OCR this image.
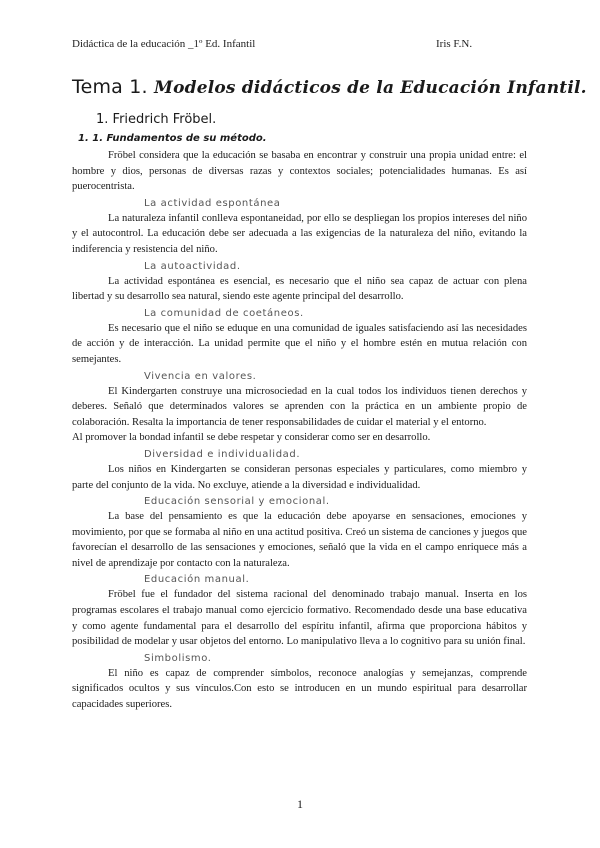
Didáctica de la educación _1º Ed. Infantil	Iris F.N.
Tema 1. Modelos didácticos de la Educación Infantil.
1. Friedrich Fröbel.
1. 1. Fundamentos de su método.

Fröbel considera que la educación se basaba en encontrar y construir una propia unidad entre: el hombre y dios, personas de diversas razas y contextos sociales; potencialidades humanas. Es así puerocentrista.

La actividad espontánea

La naturaleza infantil conlleva espontaneidad, por ello se despliegan los propios intereses del niño y el autocontrol. La educación debe ser adecuada a las exigencias de la naturaleza del niño, evitando la indiferencia y resistencia del niño.

La autoactividad.

La actividad espontánea es esencial, es necesario que el niño sea capaz de actuar con plena libertad y su desarrollo sea natural, siendo este agente principal del desarrollo.

La comunidad de coetáneos.

Es necesario que el niño se eduque en una comunidad de iguales satisfaciendo así las necesidades de acción y de interacción. La unidad permite que el niño y el hombre estén en mutua relación con semejantes.

Vivencia en valores.

El Kindergarten construye una microsociedad en la cual todos los individuos tienen derechos y deberes. Señaló que determinados valores se aprenden con la práctica en un ambiente propio de colaboración. Resalta la importancia de tener responsabilidades de cuidar el material y el entorno.

Al promover la bondad infantil se debe respetar y considerar como ser en desarrollo.

Diversidad e individualidad.

Los niños en Kindergarten se consideran personas especiales y particulares, como miembro y parte del conjunto de la vida. No excluye, atiende a la diversidad e individualidad.

Educación sensorial y emocional.

La base del pensamiento es que la educación debe apoyarse en sensaciones, emociones y movimiento, por que se formaba al niño en una actitud positiva. Creó un sistema de canciones y juegos que favorecían el desarrollo de las sensaciones y emociones, señaló que la vida en el campo enriquece más a nivel de aprendizaje por contacto con la naturaleza.

Educación manual.

Fröbel fue el fundador del sistema racional del denominado trabajo manual. Inserta en los programas escolares el trabajo manual como ejercicio formativo. Recomendado desde una base educativa y como agente fundamental para el desarrollo del espíritu infantil, afirma que proporciona hábitos y posibilidad de modelar y usar objetos del entorno. Lo manipulativo lleva a lo cognitivo para su unión final.

Simbolismo.

El niño es capaz de comprender símbolos, reconoce analogías y semejanzas, comprende significados ocultos y sus vínculos.Con esto se introducen en un mundo espiritual para desarrollar capacidades superiores.

1
